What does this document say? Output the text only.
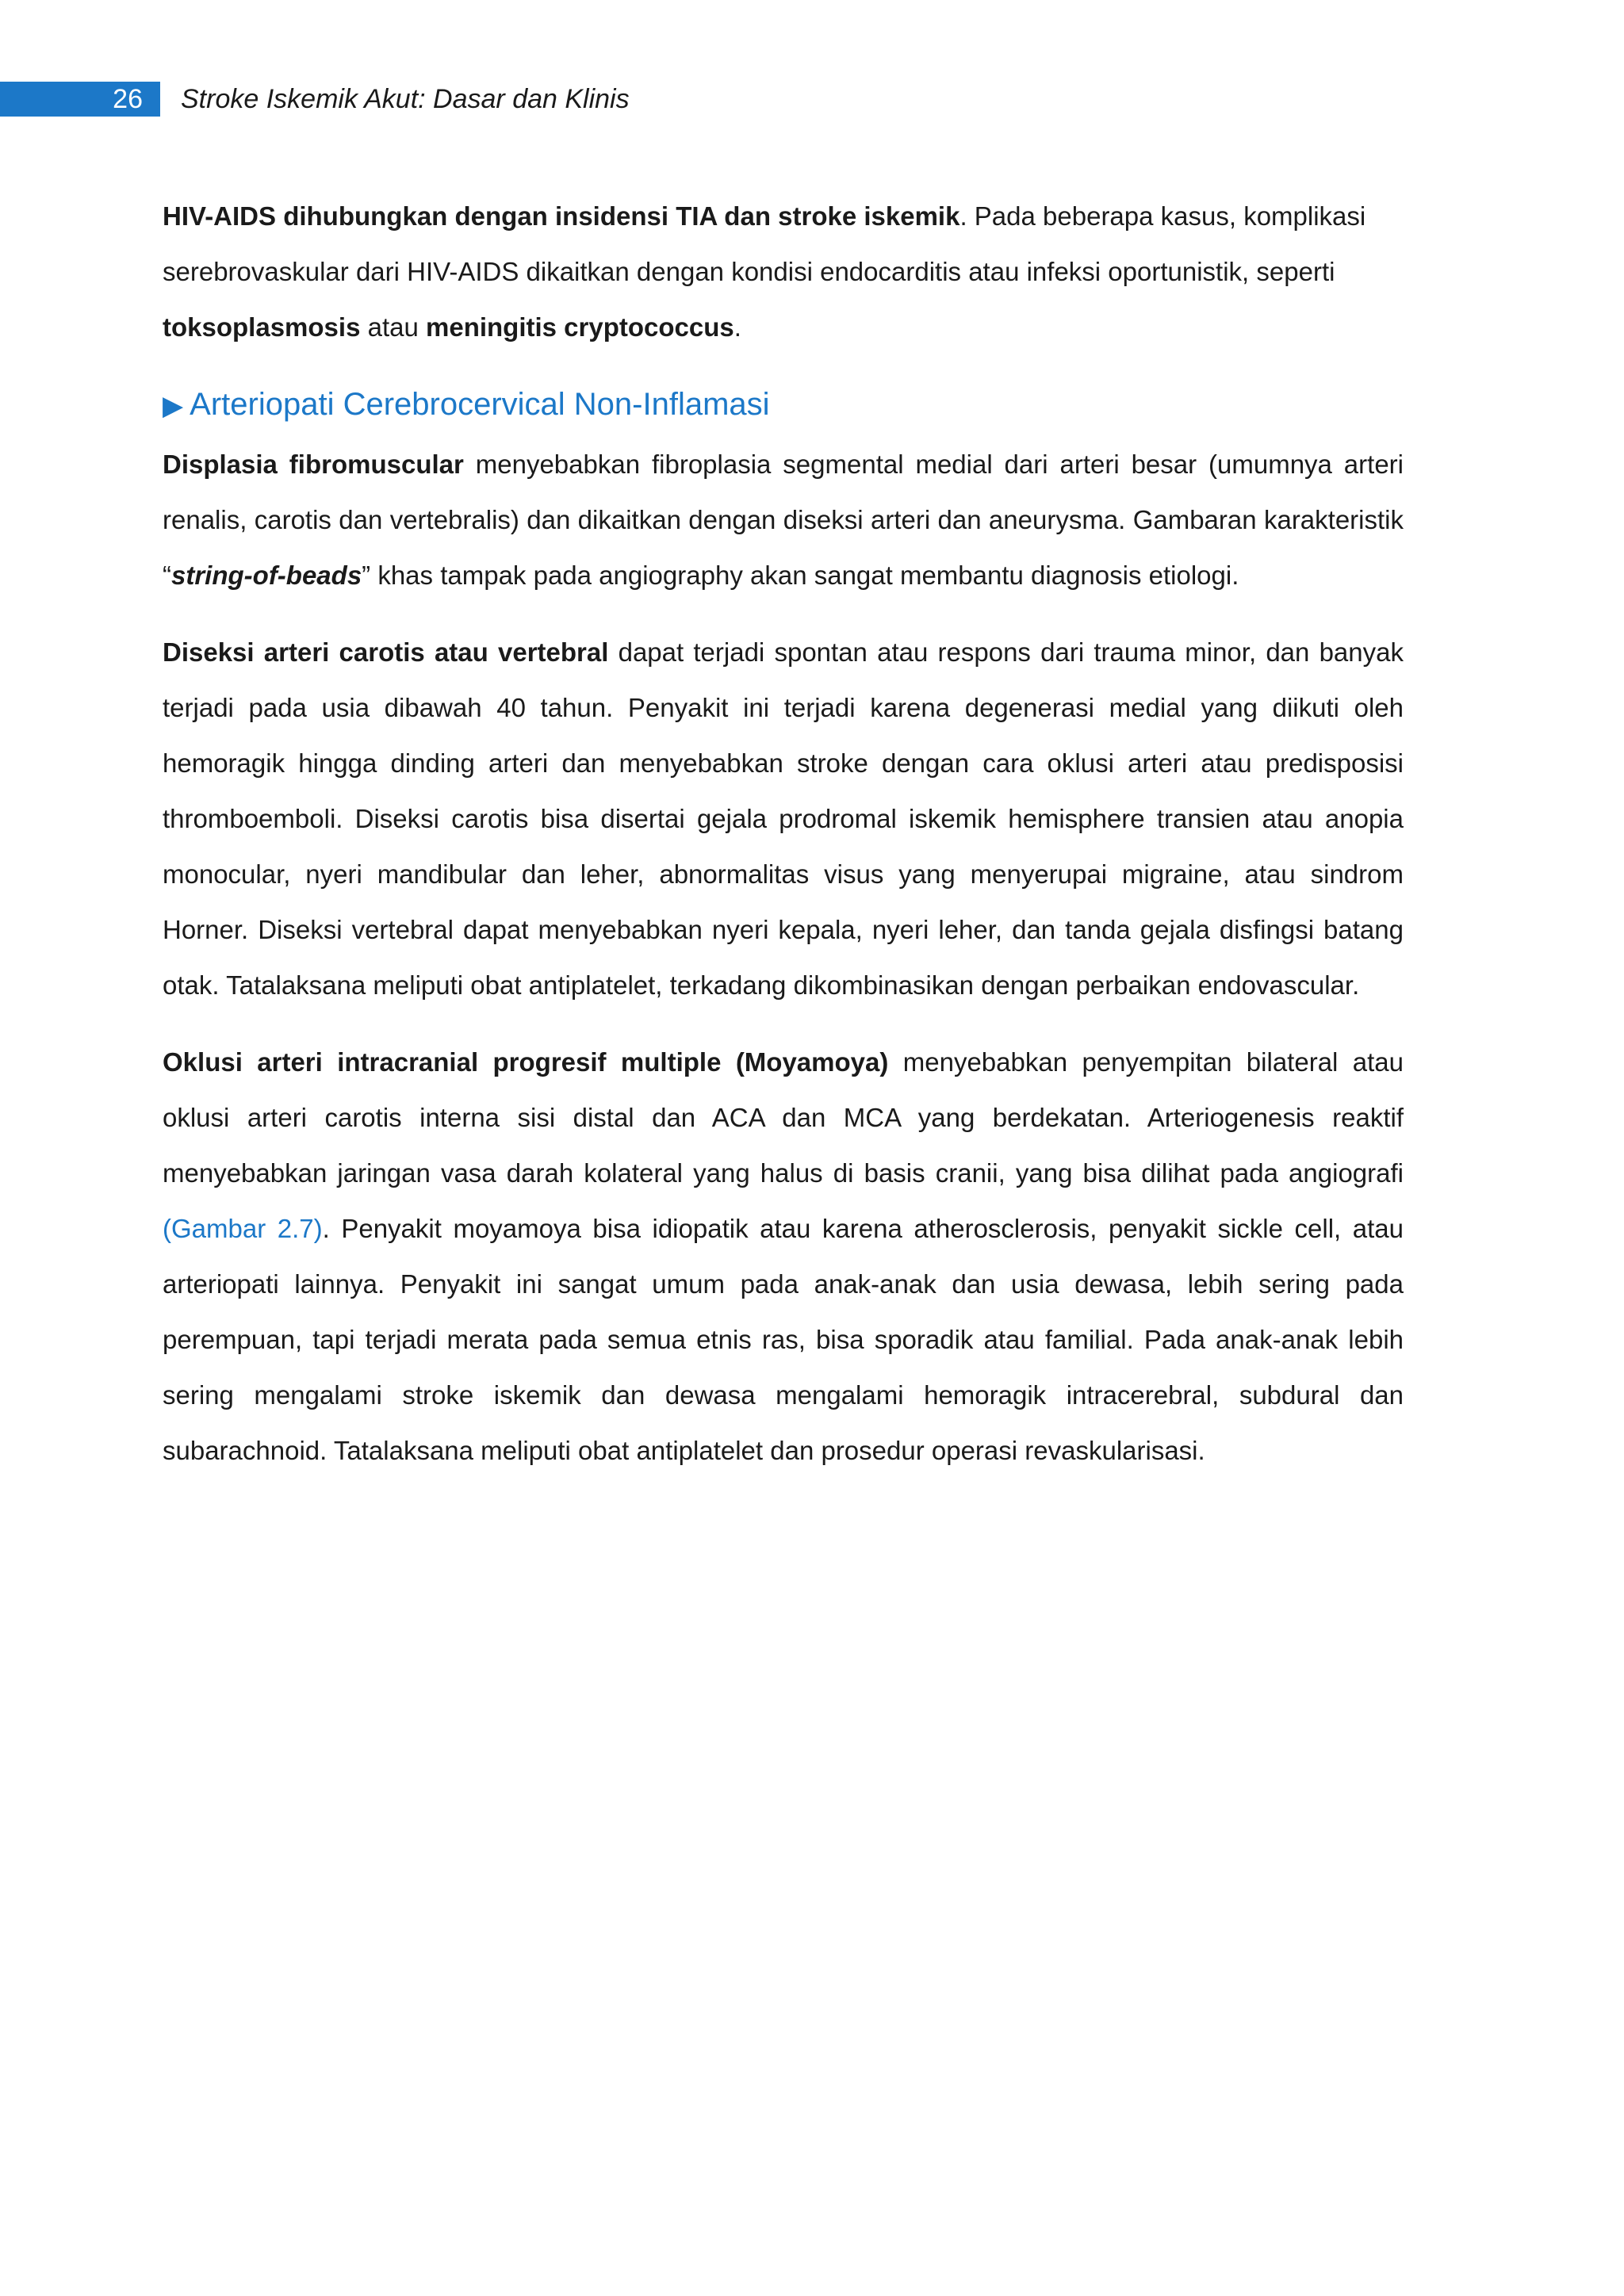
26 Stroke Iskemik Akut: Dasar dan Klinis

HIV-AIDS dihubungkan dengan insidensi TIA dan stroke iskemik. Pada beberapa kasus, komplikasi serebrovaskular dari HIV-AIDS dikaitkan dengan kondisi endocarditis atau infeksi oportunistik, seperti toksoplasmosis atau meningitis cryptococcus.

▶ Arteriopati Cerebrocervical Non-Inflamasi

Displasia fibromuscular menyebabkan fibroplasia segmental medial dari arteri besar (umumnya arteri renalis, carotis dan vertebralis) dan dikaitkan dengan diseksi arteri dan aneurysma. Gambaran karakteristik “string-of-beads” khas tampak pada angiography akan sangat membantu diagnosis etiologi.

Diseksi arteri carotis atau vertebral dapat terjadi spontan atau respons dari trauma minor, dan banyak terjadi pada usia dibawah 40 tahun. Penyakit ini terjadi karena degenerasi medial yang diikuti oleh hemoragik hingga dinding arteri dan menyebabkan stroke dengan cara oklusi arteri atau predisposisi thromboemboli. Diseksi carotis bisa disertai gejala prodromal iskemik hemisphere transien atau anopia monocular, nyeri mandibular dan leher, abnormalitas visus yang menyerupai migraine, atau sindrom Horner. Diseksi vertebral dapat menyebabkan nyeri kepala, nyeri leher, dan tanda gejala disfingsi batang otak. Tatalaksana meliputi obat antiplatelet, terkadang dikombinasikan dengan perbaikan endovascular.

Oklusi arteri intracranial progresif multiple (Moyamoya) menyebabkan penyempitan bilateral atau oklusi arteri carotis interna sisi distal dan ACA dan MCA yang berdekatan. Arteriogenesis reaktif menyebabkan jaringan vasa darah kolateral yang halus di basis cranii, yang bisa dilihat pada angiografi (Gambar 2.7). Penyakit moyamoya bisa idiopatik atau karena atherosclerosis, penyakit sickle cell, atau arteriopati lainnya. Penyakit ini sangat umum pada anak-anak dan usia dewasa, lebih sering pada perempuan, tapi terjadi merata pada semua etnis ras, bisa sporadik atau familial. Pada anak-anak lebih sering mengalami stroke iskemik dan dewasa mengalami hemoragik intracerebral, subdural dan subarachnoid. Tatalaksana meliputi obat antiplatelet dan prosedur operasi revaskularisasi.
